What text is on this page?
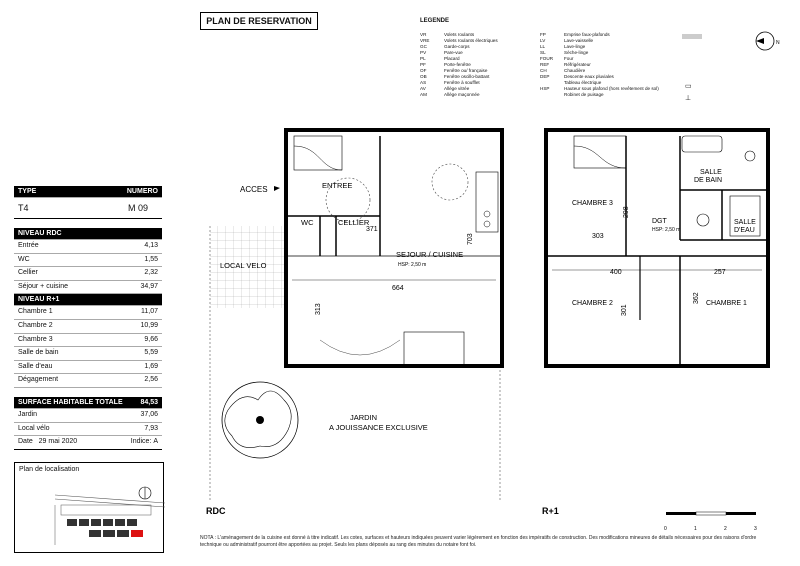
PLAN DE RESERVATION	LEGENDE
VR	Volets roulants
VRE	Volets roulants électriques
GC	Garde-corps
PV	Pare-vue
PL	Placard
PF	Porte-fenêtre
OF	Fenêtre ou/ française
OB	Fenêtre oscillo-battant
AS	Fenêtre à soufflet
AV	Allège vitrée
AM	Allège maçonnée
FP	Emprise faux-plafonds
LV	Lave-vaisselle
LL	Lave-linge
SL	Sèche-linge
FOUR	Four
REF	Réfrigérateur
CH	Chaudière
DEP	Descente eaux pluviales
Tableau électrique
HSP	Hauteur sous plafond (hors revêtement de sol)
Robinet de puisage
▭
⊥
N
TYPE	NUMERO
T4	M 09
NIVEAU RDC
Entrée	4,13
WC	1,55
Cellier	2,32
Séjour + cuisine	34,97
NIVEAU R+1
Chambre 1	11,07
Chambre 2	10,99
Chambre 3	9,66
Salle de bain	5,59
Salle d'eau	1,69
Dégagement	2,56
SURFACE HABITABLE TOTALE	84,53
Jardin	37,06
Local vélo	7,93
Date 29 mai 2020	Indice: A
Plan de localisation
ACCES	ENTREE
WC	CELLIER
SEJOUR / CUISINE
HSP: 2,50 m
LOCAL VELO
JARDIN
A JOUISSANCE EXCLUSIVE
371
703
664
313
RDC
CHAMBRE 3
CHAMBRE 2	CHAMBRE 1
DGT
HSP: 2,50 m
SALLE
DE BAIN
SALLE
D'EAU
303
298
400	257
301
362
R+1
0	1	2	3
NOTA : L'aménagement de la cuisine est donné à titre indicatif. Les cotes, surfaces et hauteurs indiquées peuvent varier légèrement en fonction des impératifs de construction. Des modifications mineures de détails nécessaires pour des raisons d'ordre technique ou administratif pourront être apportées au projet. Seuls les plans déposés au rang des minutes du notaire font foi.
